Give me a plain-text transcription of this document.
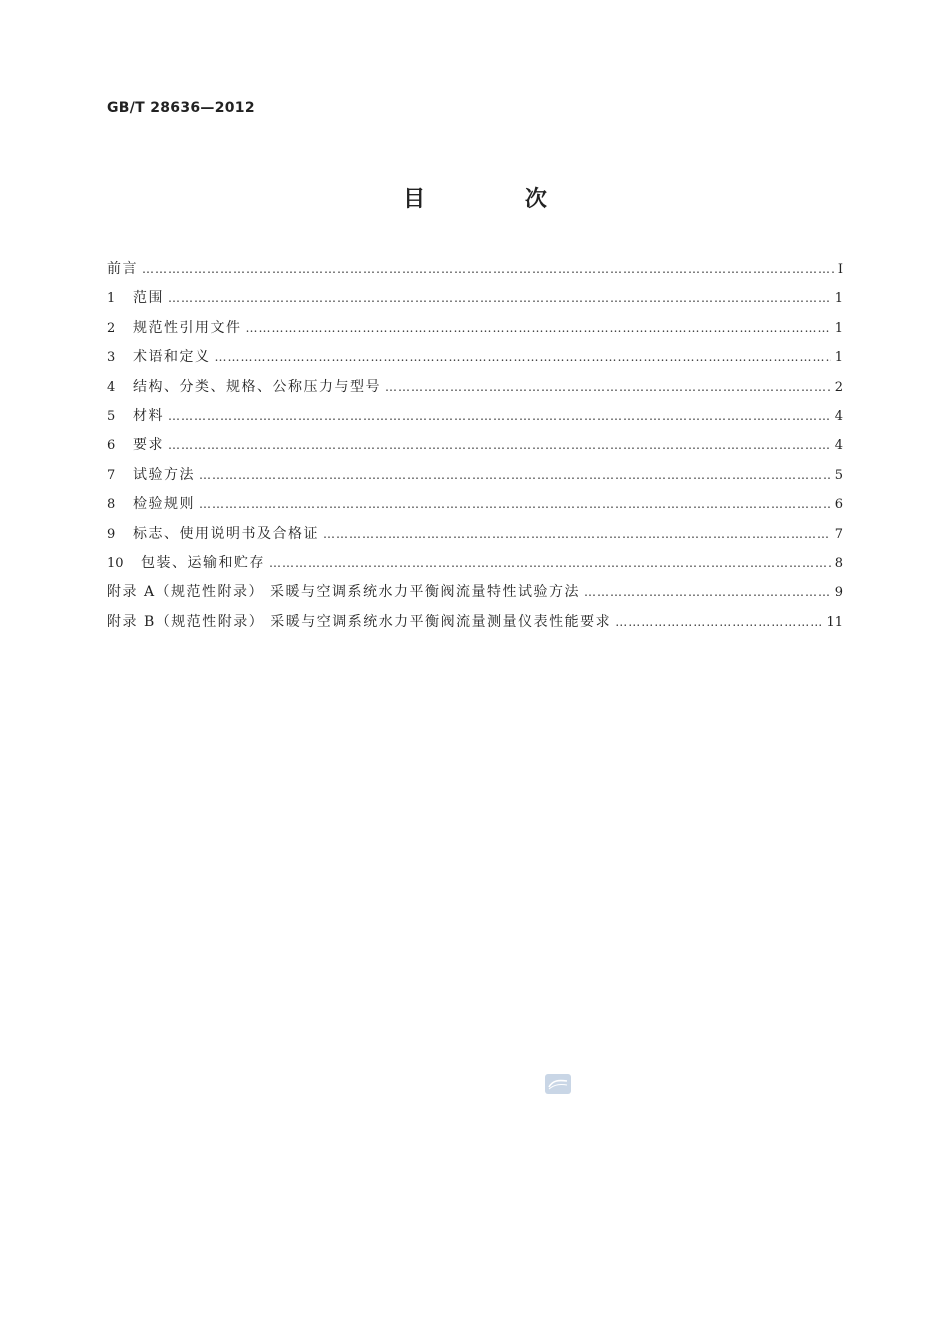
GB/T 28636—2012
目 次
前言 ………………………………………………………………………………………………………………………………………………………………………………………………………………	Ⅰ
1	范围 ………………………………………………………………………………………………………………………………………………………………………………………………………………	1
2	规范性引用文件 ………………………………………………………………………………………………………………………………………………………………………………………………………………	1
3	术语和定义 ………………………………………………………………………………………………………………………………………………………………………………………………………………	1
4	结构、分类、规格、公称压力与型号 ………………………………………………………………………………………………………………………………………………………………………………………………………………	2
5	材料 ………………………………………………………………………………………………………………………………………………………………………………………………………………	4
6	要求 ………………………………………………………………………………………………………………………………………………………………………………………………………………	4
7	试验方法 ………………………………………………………………………………………………………………………………………………………………………………………………………………	5
8	检验规则 ………………………………………………………………………………………………………………………………………………………………………………………………………………	6
9	标志、使用说明书及合格证 ………………………………………………………………………………………………………………………………………………………………………………………………………………	7
10	包装、运输和贮存 ………………………………………………………………………………………………………………………………………………………………………………………………………………	8
附录 A（规范性附录） 采暖与空调系统水力平衡阀流量特性试验方法 ………………………………………………………………………………………………………………………………………………………………………………………………………………	9
附录 B（规范性附录） 采暖与空调系统水力平衡阀流量测量仪表性能要求 ………………………………………………………………………………………………………………………………………………………………………………………………………………	11
